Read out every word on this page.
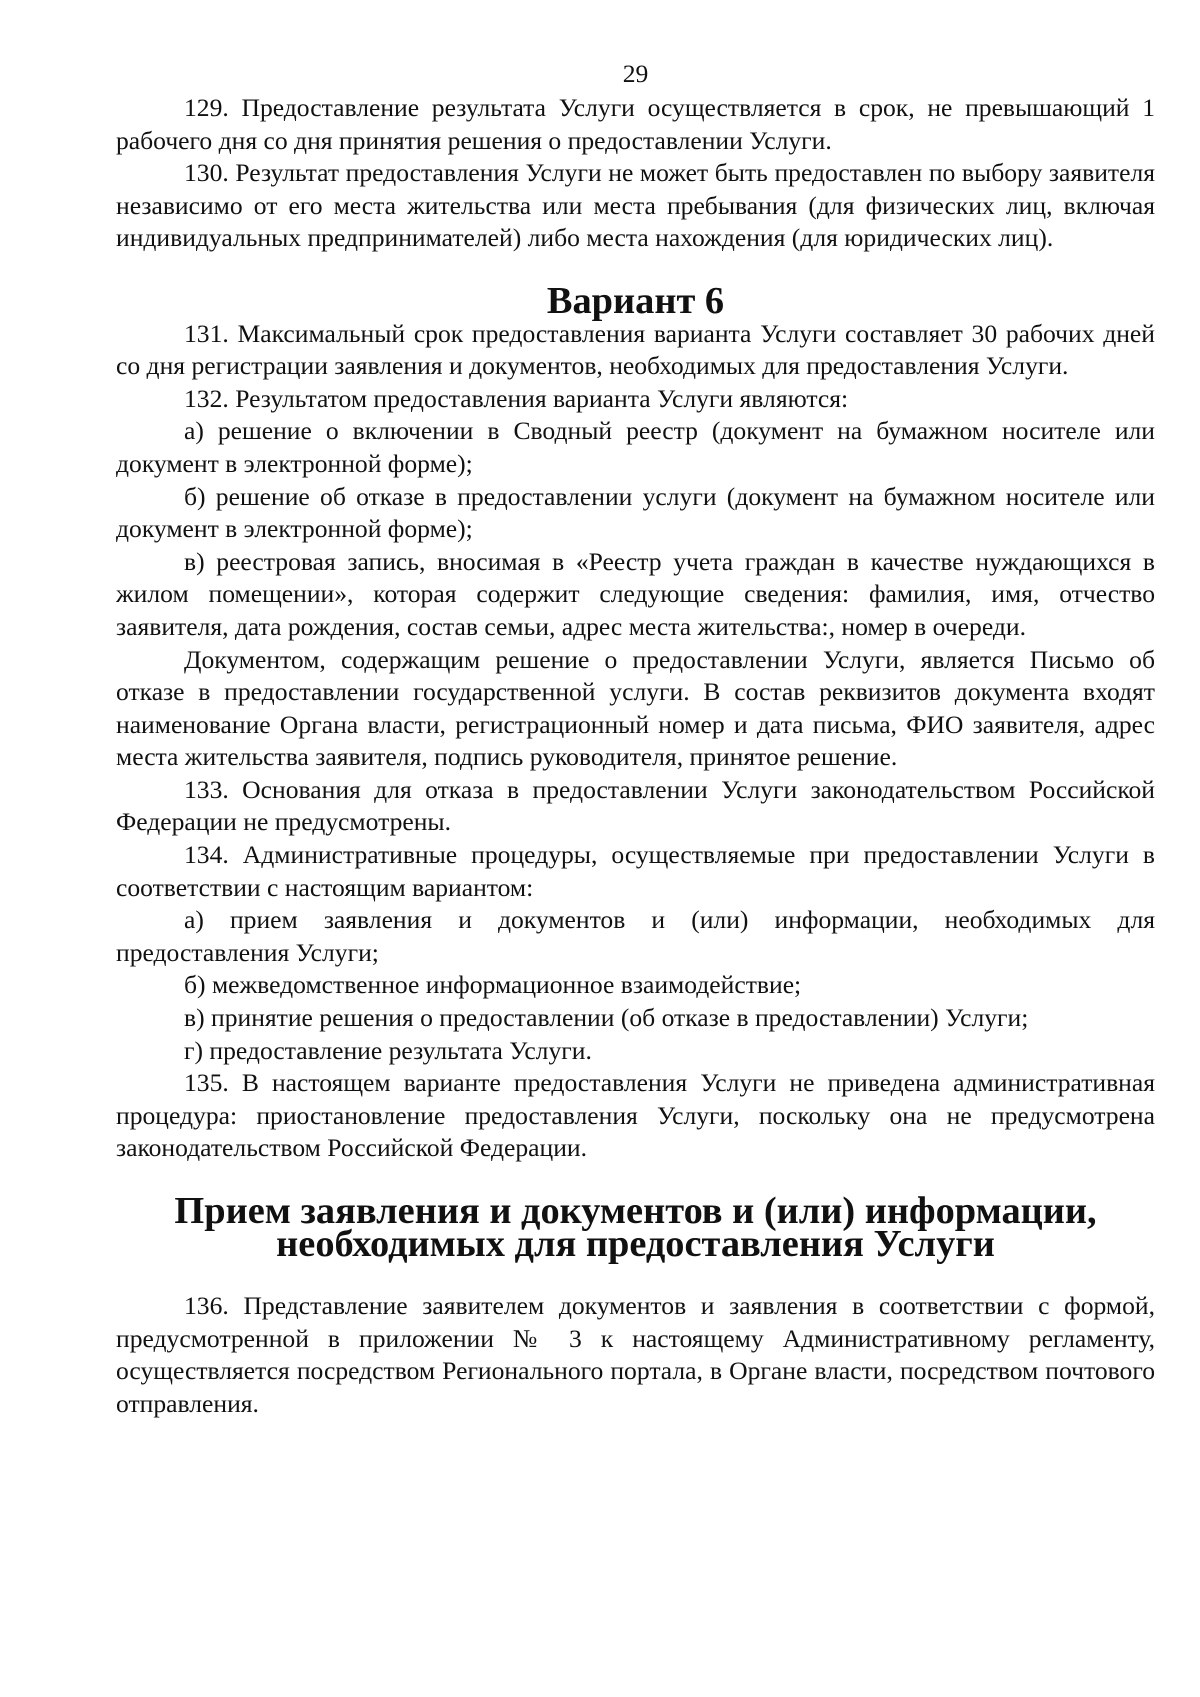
29

129. Предоставление результата Услуги осуществляется в срок, не превышающий 1 рабочего дня со дня принятия решения о предоставлении Услуги.

130. Результат предоставления Услуги не может быть предоставлен по выбору заявителя независимо от его места жительства или места пребывания (для физических лиц, включая индивидуальных предпринимателей) либо места нахождения (для юридических лиц).

Вариант 6

131. Максимальный срок предоставления варианта Услуги составляет 30 рабочих дней со дня регистрации заявления и документов, необходимых для предоставления Услуги.

132. Результатом предоставления варианта Услуги являются:

а) решение о включении в Сводный реестр (документ на бумажном носителе или документ в электронной форме);

б) решение об отказе в предоставлении услуги (документ на бумажном носителе или документ в электронной форме);

в) реестровая запись, вносимая в «Реестр учета граждан в качестве нуждающихся в жилом помещении», которая содержит следующие сведения: фамилия, имя, отчество заявителя, дата рождения, состав семьи, адрес места жительства:, номер в очереди.

Документом, содержащим решение о предоставлении Услуги, является Письмо об отказе в предоставлении государственной услуги. В состав реквизитов документа входят наименование Органа власти, регистрационный номер и дата письма, ФИО заявителя, адрес места жительства заявителя, подпись руководителя, принятое решение.

133. Основания для отказа в предоставлении Услуги законодательством Российской Федерации не предусмотрены.

134. Административные процедуры, осуществляемые при предоставлении Услуги в соответствии с настоящим вариантом:

а) прием заявления и документов и (или) информации, необходимых для предоставления Услуги;

б) межведомственное информационное взаимодействие;

в) принятие решения о предоставлении (об отказе в предоставлении) Услуги;

г) предоставление результата Услуги.

135. В настоящем варианте предоставления Услуги не приведена административная процедура: приостановление предоставления Услуги, поскольку она не предусмотрена законодательством Российской Федерации.

Прием заявления и документов и (или) информации, необходимых для предоставления Услуги

136. Представление заявителем документов и заявления в соответствии с формой, предусмотренной в приложении № 3 к настоящему Административному регламенту, осуществляется посредством Регионального портала, в Органе власти, посредством почтового отправления.
